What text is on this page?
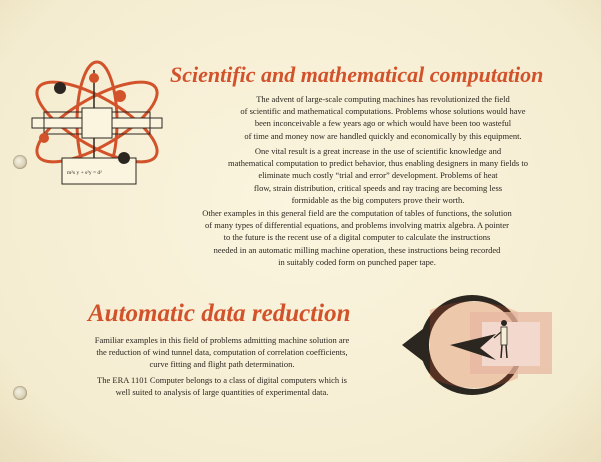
m²s y + s²y = d²
Scientific and mathematical computation
The advent of large-scale computing machines has revolutionized the field
of scientific and mathematical computations. Problems whose solutions would have
been inconceivable a few years ago or which would have been too wasteful
of time and money now are handled quickly and economically by this equipment.
One vital result is a great increase in the use of scientific knowledge and
mathematical computation to predict behavior, thus enabling designers in many fields to
eliminate much costly “trial and error” development. Problems of heat
flow, strain distribution, critical speeds and ray tracing are becoming less
formidable as the big computers prove their worth.
Other examples in this general field are the computation of tables of functions, the solution
of many types of differential equations, and problems involving matrix algebra. A pointer
to the future is the recent use of a digital computer to calculate the instructions
needed in an automatic milling machine operation, these instructions being recorded
in suitably coded form on punched paper tape.
Automatic data reduction
Familiar examples in this field of problems admitting machine solution are
the reduction of wind tunnel data, computation of correlation coefficients,
curve fitting and flight path determination.
The ERA 1101 Computer belongs to a class of digital computers which is
well suited to analysis of large quantities of experimental data.
